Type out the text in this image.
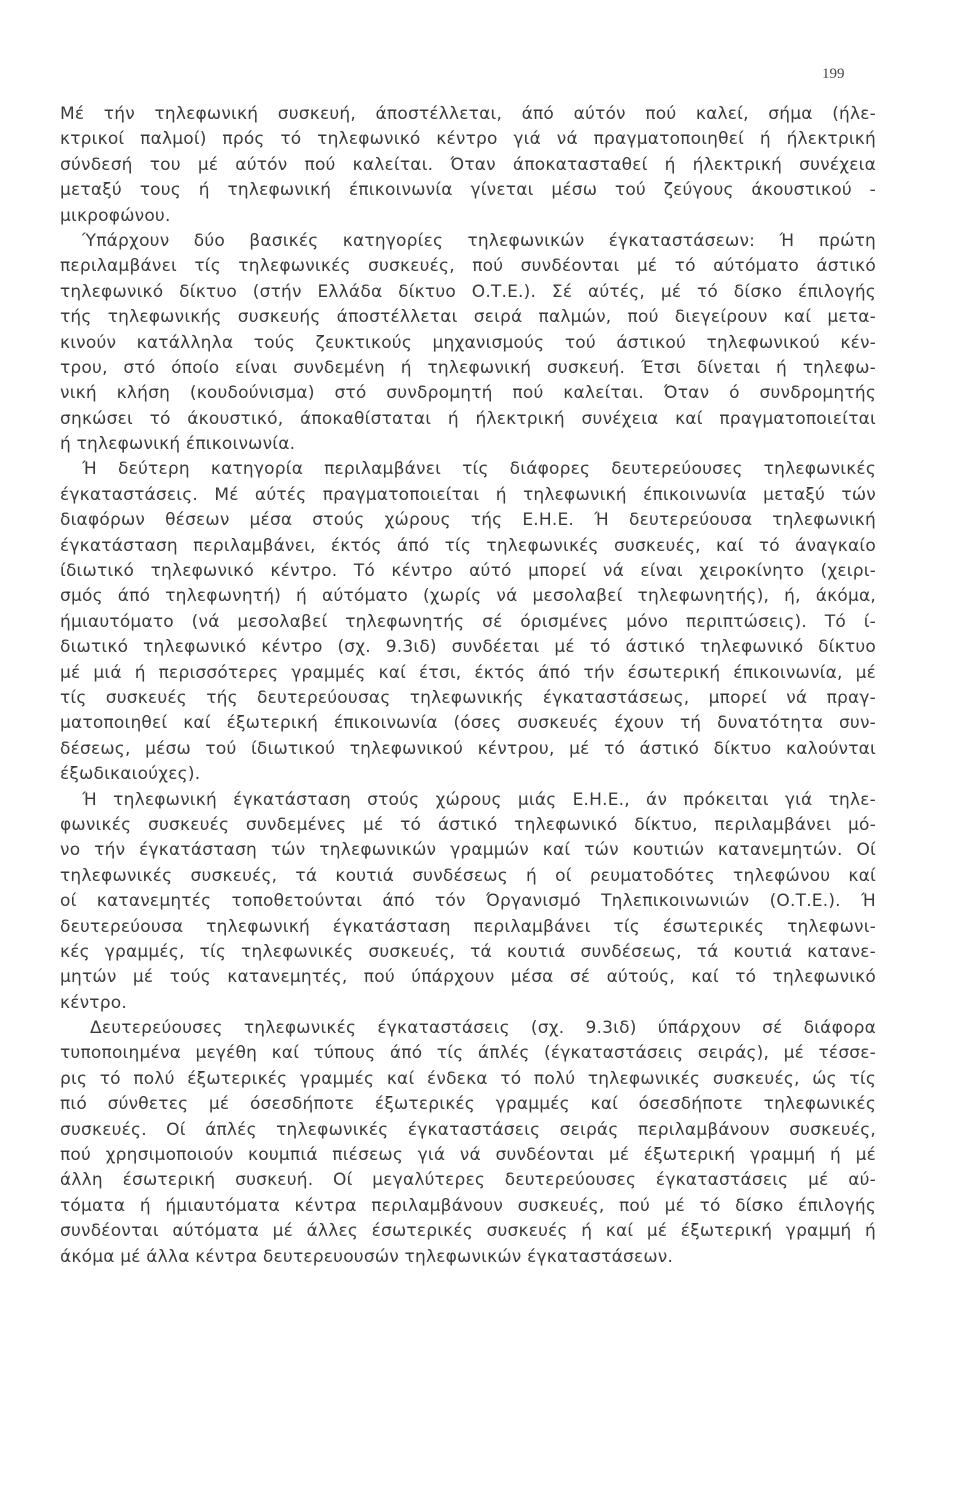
199
Μέ τήν τηλεφωνική συσκευή, άποστέλλεται, άπό αύτόν πού καλεί, σήμα (ήλε-
κτρικοί παλμοί) πρός τό τηλεφωνικό κέντρο γιά νά πραγματοποιηθεί ή ήλεκτρική
σύνδεσή του μέ αύτόν πού καλείται. Όταν άποκατασταθεί ή ήλεκτρική συνέχεια
μεταξύ τους ή τηλεφωνική έπικοινωνία γίνεται μέσω τού ζεύγους άκουστικού -
μικροφώνου.
Ύπάρχουν δύο βασικές κατηγορίες τηλεφωνικών έγκαταστάσεων: Ή πρώτη
περιλαμβάνει τίς τηλεφωνικές συσκευές, πού συνδέονται μέ τό αύτόματο άστικό
τηλεφωνικό δίκτυο (στήν Ελλάδα δίκτυο Ο.Τ.Ε.). Σέ αύτές, μέ τό δίσκο έπιλογής
τής τηλεφωνικής συσκευής άποστέλλεται σειρά παλμών, πού διεγείρουν καί μετα-
κινούν κατάλληλα τούς ζευκτικούς μηχανισμούς τού άστικού τηλεφωνικού κέν-
τρου, στό όποίο είναι συνδεμένη ή τηλεφωνική συσκευή. Έτσι δίνεται ή τηλεφω-
νική κλήση (κουδούνισμα) στό συνδρομητή πού καλείται. Όταν ό συνδρομητής
σηκώσει τό άκουστικό, άποκαθίσταται ή ήλεκτρική συνέχεια καί πραγματοποιείται
ή τηλεφωνική έπικοινωνία.
Ή δεύτερη κατηγορία περιλαμβάνει τίς διάφορες δευτερεύουσες τηλεφωνικές
έγκαταστάσεις. Μέ αύτές πραγματοποιείται ή τηλεφωνική έπικοινωνία μεταξύ τών
διαφόρων θέσεων μέσα στούς χώρους τής Ε.Η.Ε. Ή δευτερεύουσα τηλεφωνική
έγκατάσταση περιλαμβάνει, έκτός άπό τίς τηλεφωνικές συσκευές, καί τό άναγκαίο
ίδιωτικό τηλεφωνικό κέντρο. Τό κέντρο αύτό μπορεί νά είναι χειροκίνητο (χειρι-
σμός άπό τηλεφωνητή) ή αύτόματο (χωρίς νά μεσολαβεί τηλεφωνητής), ή, άκόμα,
ήμιαυτόματο (νά μεσολαβεί τηλεφωνητής σέ όρισμένες μόνο περιπτώσεις). Τό ί-
διωτικό τηλεφωνικό κέντρο (σχ. 9.3ιδ) συνδέεται μέ τό άστικό τηλεφωνικό δίκτυο
μέ μιά ή περισσότερες γραμμές καί έτσι, έκτός άπό τήν έσωτερική έπικοινωνία, μέ
τίς συσκευές τής δευτερεύουσας τηλεφωνικής έγκαταστάσεως, μπορεί νά πραγ-
ματοποιηθεί καί έξωτερική έπικοινωνία (όσες συσκευές έχουν τή δυνατότητα συν-
δέσεως, μέσω τού ίδιωτικού τηλεφωνικού κέντρου, μέ τό άστικό δίκτυο καλούνται
έξωδικαιούχες).
Ή τηλεφωνική έγκατάσταση στούς χώρους μιάς Ε.Η.Ε., άν πρόκειται γιά τηλε-
φωνικές συσκευές συνδεμένες μέ τό άστικό τηλεφωνικό δίκτυο, περιλαμβάνει μό-
νο τήν έγκατάσταση τών τηλεφωνικών γραμμών καί τών κουτιών κατανεμητών. Οί
τηλεφωνικές συσκευές, τά κουτιά συνδέσεως ή οί ρευματοδότες τηλεφώνου καί
οί κατανεμητές τοποθετούνται άπό τόν Όργανισμό Τηλεπικοινωνιών (Ο.Τ.Ε.). Ή
δευτερεύουσα τηλεφωνική έγκατάσταση περιλαμβάνει τίς έσωτερικές τηλεφωνι-
κές γραμμές, τίς τηλεφωνικές συσκευές, τά κουτιά συνδέσεως, τά κουτιά κατανε-
μητών μέ τούς κατανεμητές, πού ύπάρχουν μέσα σέ αύτούς, καί τό τηλεφωνικό
κέντρο.
Δευτερεύουσες τηλεφωνικές έγκαταστάσεις (σχ. 9.3ιδ) ύπάρχουν σέ διάφορα
τυποποιημένα μεγέθη καί τύπους άπό τίς άπλές (έγκαταστάσεις σειράς), μέ τέσσε-
ρις τό πολύ έξωτερικές γραμμές καί ένδεκα τό πολύ τηλεφωνικές συσκευές, ώς τίς
πιό σύνθετες μέ όσεσδήποτε έξωτερικές γραμμές καί όσεσδήποτε τηλεφωνικές
συσκευές. Οί άπλές τηλεφωνικές έγκαταστάσεις σειράς περιλαμβάνουν συσκευές,
πού χρησιμοποιούν κουμπιά πιέσεως γιά νά συνδέονται μέ έξωτερική γραμμή ή μέ
άλλη έσωτερική συσκευή. Οί μεγαλύτερες δευτερεύουσες έγκαταστάσεις μέ αύ-
τόματα ή ήμιαυτόματα κέντρα περιλαμβάνουν συσκευές, πού μέ τό δίσκο έπιλογής
συνδέονται αύτόματα μέ άλλες έσωτερικές συσκευές ή καί μέ έξωτερική γραμμή ή
άκόμα μέ άλλα κέντρα δευτερευουσών τηλεφωνικών έγκαταστάσεων.
